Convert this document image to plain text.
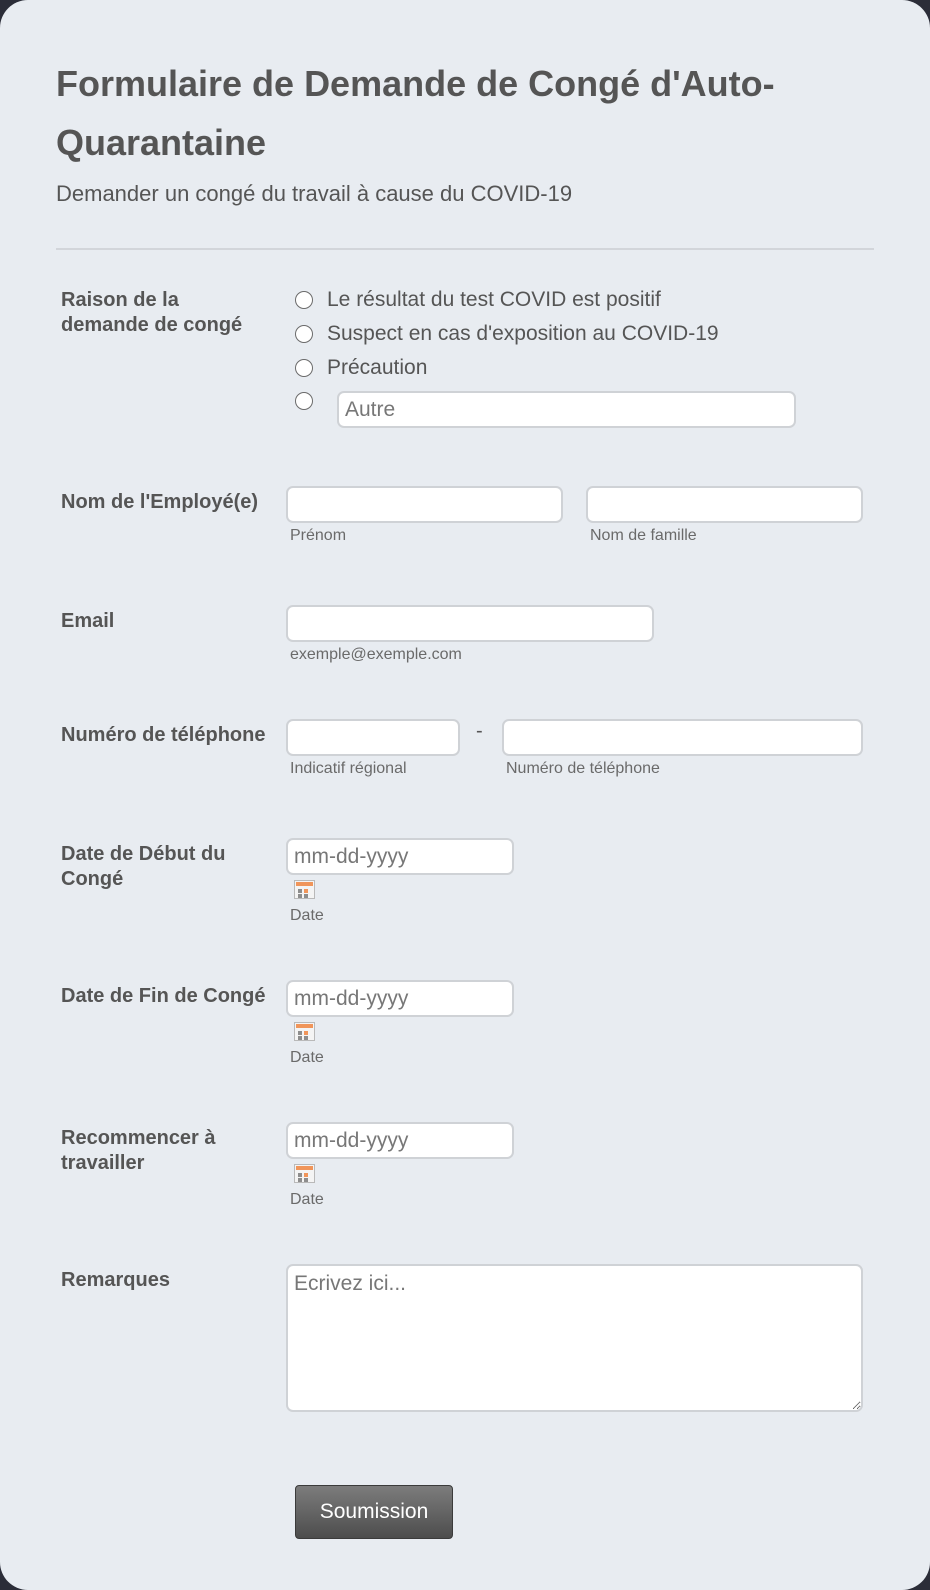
Formulaire de Demande de Congé d'Auto-Quarantaine

Demander un congé du travail à cause du COVID-19

Raison de la demande de congé
Le résultat du test COVID est positif
Suspect en cas d'exposition au COVID-19
Précaution
Autre
Nom de l'Employé(e)
Prénom	Nom de famille
Email
exemple@exemple.com
Numéro de téléphone	-
Indicatif régional	Numéro de téléphone
Date de Début du Congé
mm-dd-yyyy
Date
Date de Fin de Congé
mm-dd-yyyy
Date
Recommencer à travailler
mm-dd-yyyy
Date
Remarques
Ecrivez ici...
Soumission
